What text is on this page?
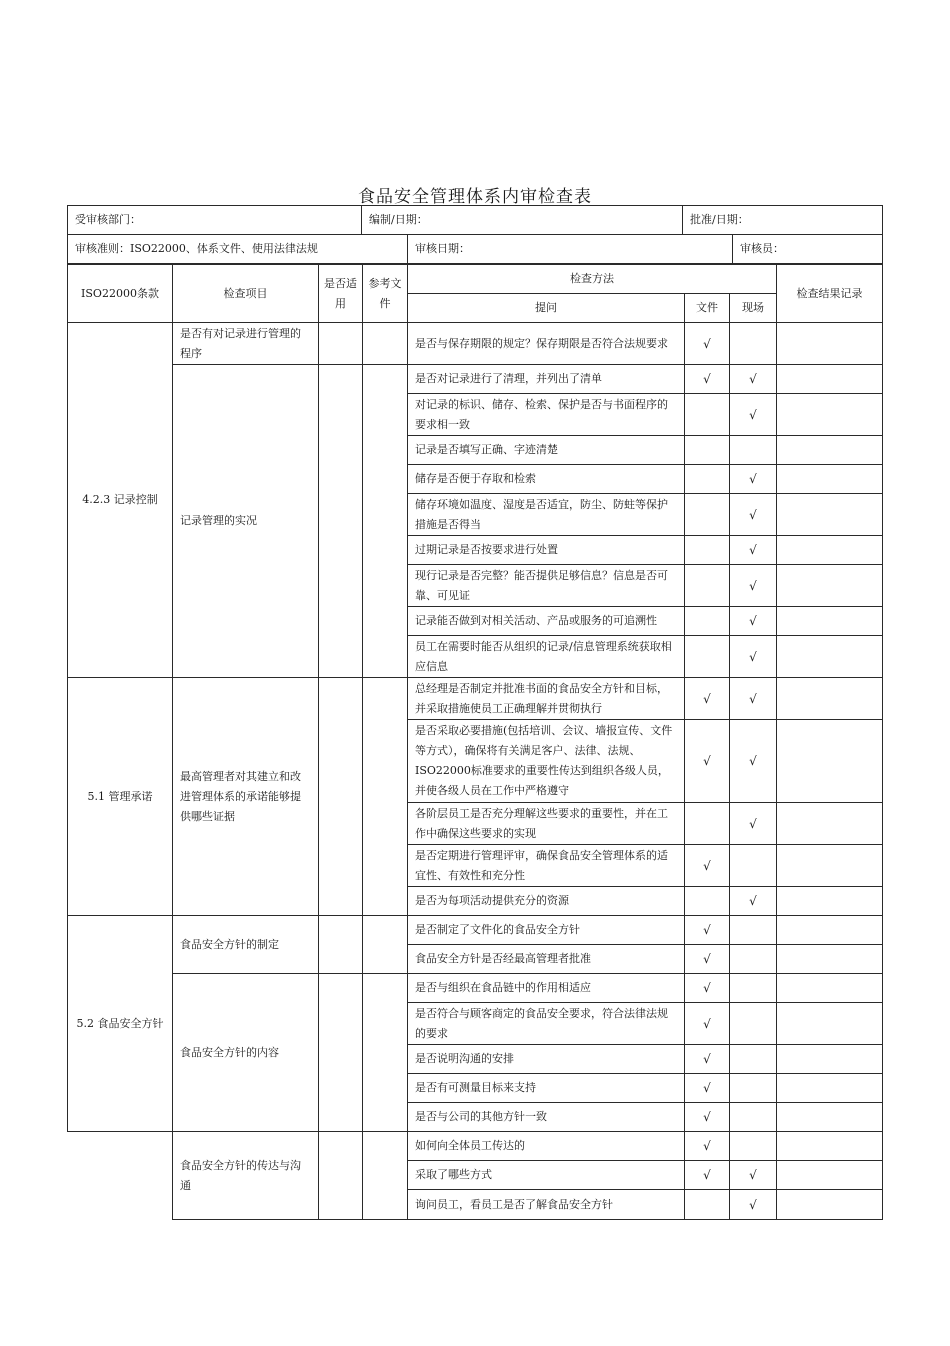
食品安全管理体系内审检查表
受审核部门：	编制/日期：	批准/日期：
审核准则：ISO22000、体系文件、使用法律法规	审核日期：	审核员：
ISO22000条款	检查项目	是否适用	参考文件	检查方法			检查结果记录
				提问	文件	现场	
4.2.3 记录控制	是否有对记录进行管理的程序			是否与保存期限的规定？保存期限是否符合法规要求	√		
	记录管理的实况			是否对记录进行了清理，并列出了清单	√	√	
				对记录的标识、储存、检索、保护是否与书面程序的要求相一致		√	
				记录是否填写正确、字迹清楚			
				储存是否便于存取和检索		√	
				储存环境如温度、湿度是否适宜，防尘、防蛀等保护措施是否得当		√	
				过期记录是否按要求进行处置		√	
				现行记录是否完整？能否提供足够信息？信息是否可靠、可见证		√	
				记录能否做到对相关活动、产品或服务的可追溯性		√	
				员工在需要时能否从组织的记录/信息管理系统获取相应信息		√	
5.1 管理承诺	最高管理者对其建立和改进管理体系的承诺能够提供哪些证据			总经理是否制定并批准书面的食品安全方针和目标，并采取措施使员工正确理解并贯彻执行	√	√	
				是否采取必要措施(包括培训、会议、墙报宣传、文件等方式），确保将有关满足客户、法律、法规、ISO22000标准要求的重要性传达到组织各级人员，并使各级人员在工作中严格遵守	√	√	
				各阶层员工是否充分理解这些要求的重要性，并在工作中确保这些要求的实现		√	
				是否定期进行管理评审，确保食品安全管理体系的适宜性、有效性和充分性	√		
				是否为每项活动提供充分的资源		√	
5.2 食品安全方针	食品安全方针的制定			是否制定了文件化的食品安全方针	√		
				食品安全方针是否经最高管理者批准	√		
	食品安全方针的内容			是否与组织在食品链中的作用相适应	√		
				是否符合与顾客商定的食品安全要求，符合法律法规的要求	√		
				是否说明沟通的安排	√		
				是否有可测量目标来支持	√		
				是否与公司的其他方针一致	√		
	食品安全方针的传达与沟通			如何向全体员工传达的	√		
				采取了哪些方式	√	√	
				询问员工，看员工是否了解食品安全方针		√	
